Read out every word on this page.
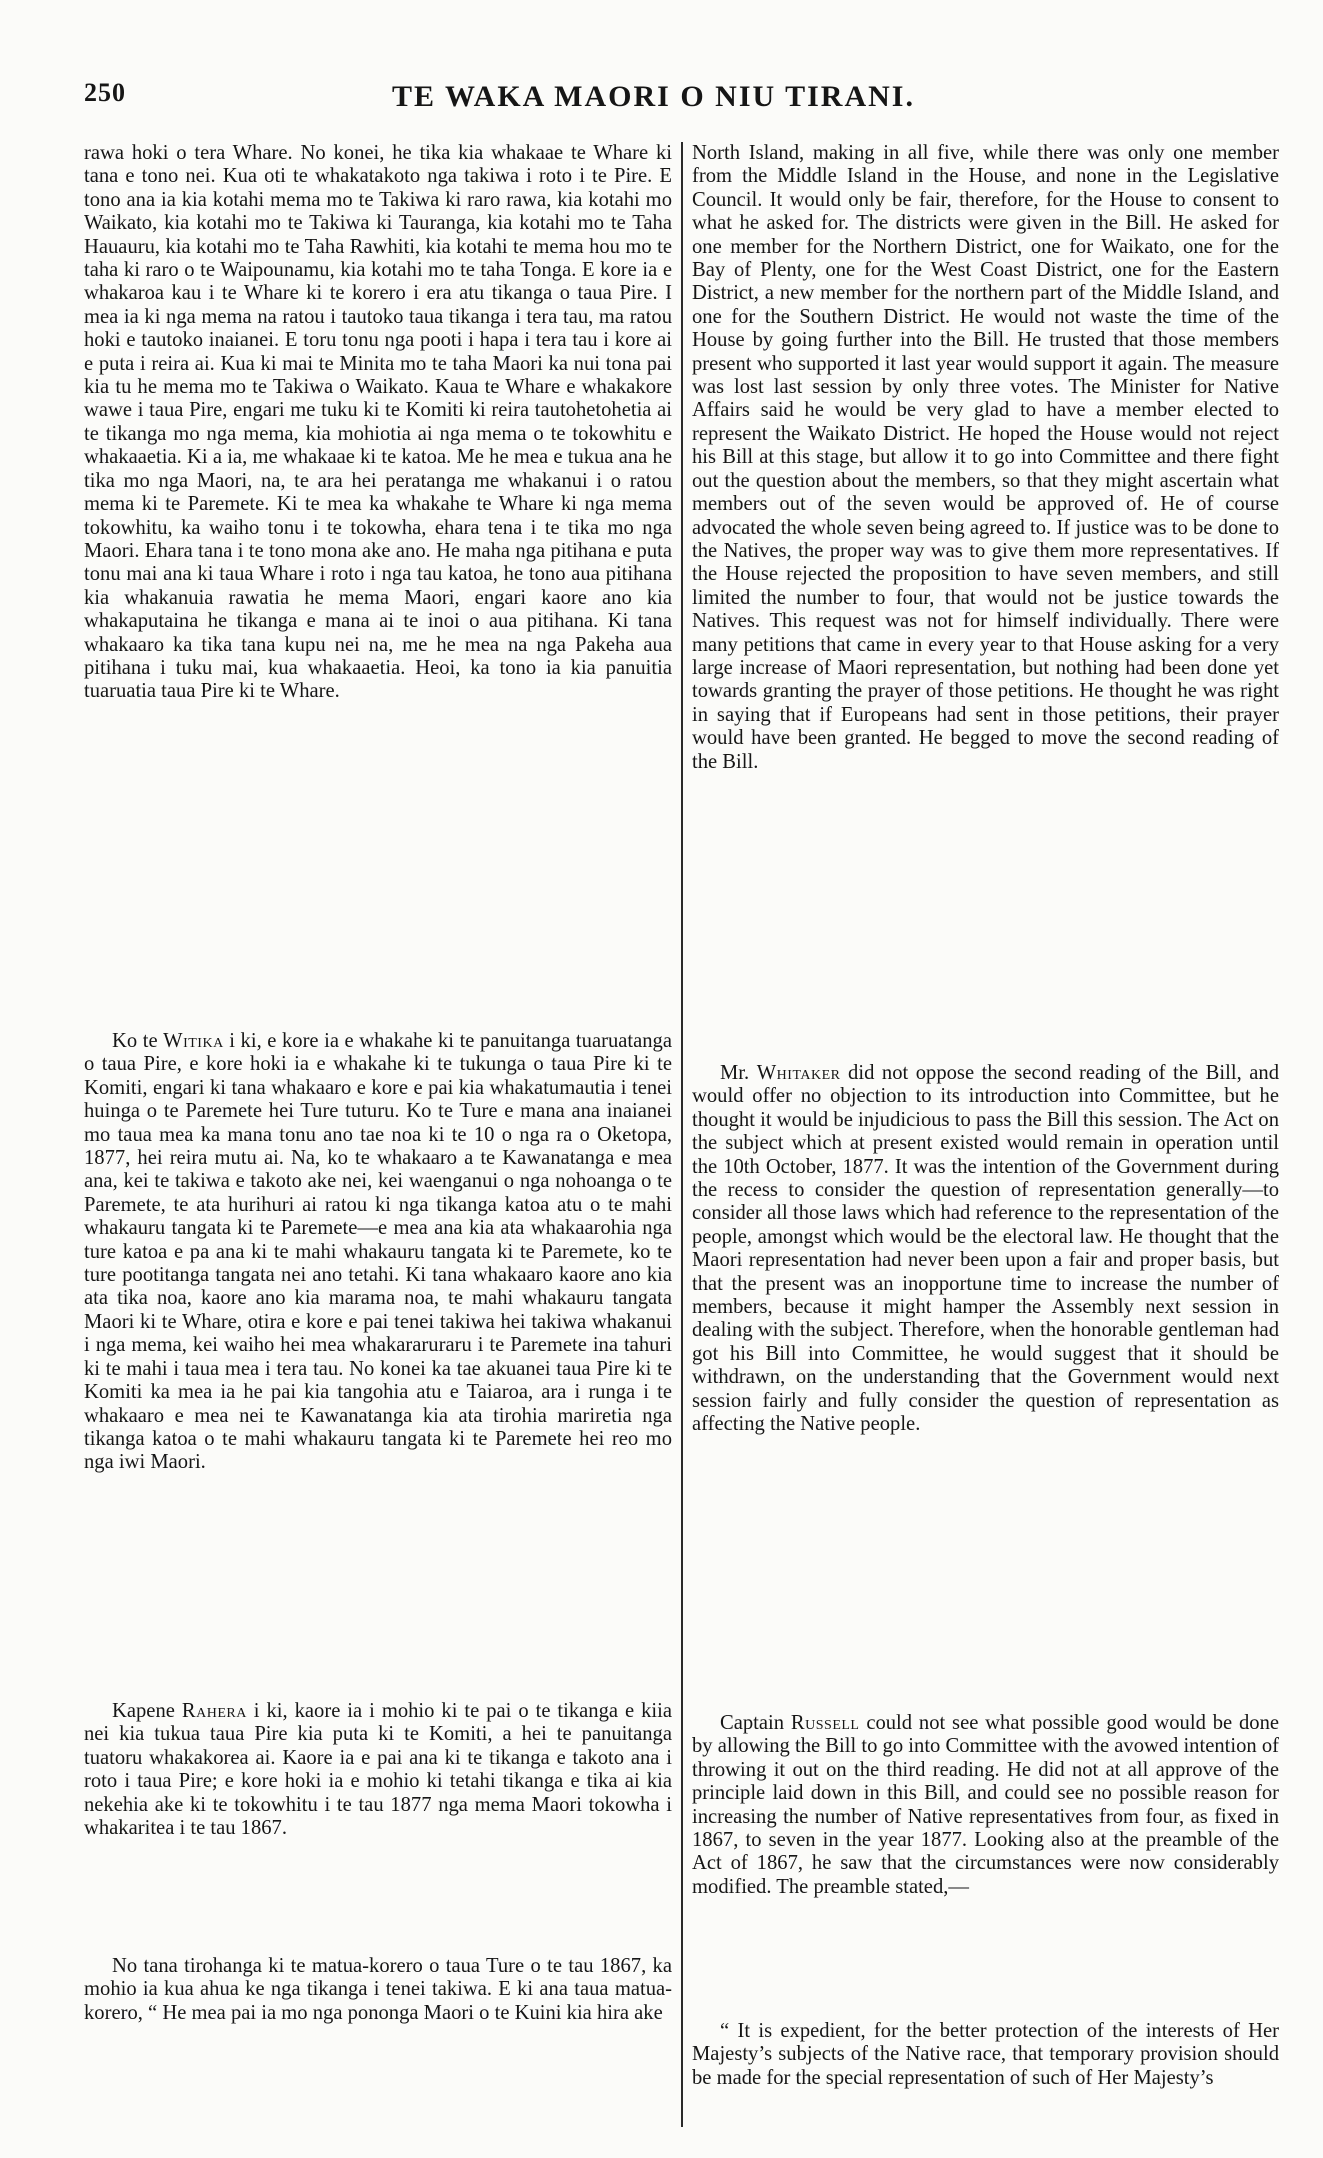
250	TE WAKA MAORI O NIU TIRANI.

rawa hoki o tera Whare. No konei, he tika kia whakaae te Whare ki tana e tono nei. Kua oti te whakatakoto nga takiwa i roto i te Pire. E tono ana ia kia kotahi mema mo te Takiwa ki raro rawa, kia kotahi mo Waikato, kia kotahi mo te Takiwa ki Tauranga, kia kotahi mo te Taha Hauauru, kia kotahi mo te Taha Rawhiti, kia kotahi te mema hou mo te taha ki raro o te Waipounamu, kia kotahi mo te taha Tonga. E kore ia e whakaroa kau i te Whare ki te korero i era atu tikanga o taua Pire. I mea ia ki nga mema na ratou i tautoko taua tikanga i tera tau, ma ratou hoki e tautoko inaianei. E toru tonu nga pooti i hapa i tera tau i kore ai e puta i reira ai. Kua ki mai te Minita mo te taha Maori ka nui tona pai kia tu he mema mo te Takiwa o Waikato. Kaua te Whare e whakakore wawe i taua Pire, engari me tuku ki te Komiti ki reira tautohetohetia ai te tikanga mo nga mema, kia mohiotia ai nga mema o te tokowhitu e whakaaetia. Ki a ia, me whakaae ki te katoa. Me he mea e tukua ana he tika mo nga Maori, na, te ara hei peratanga me whakanui i o ratou mema ki te Paremete. Ki te mea ka whakahe te Whare ki nga mema tokowhitu, ka waiho tonu i te tokowha, ehara tena i te tika mo nga Maori. Ehara tana i te tono mona ake ano. He maha nga pitihana e puta tonu mai ana ki taua Whare i roto i nga tau katoa, he tono aua pitihana kia whakanuia rawatia he mema Maori, engari kaore ano kia whakaputaina he tikanga e mana ai te inoi o aua pitihana. Ki tana whakaaro ka tika tana kupu nei na, me he mea na nga Pakeha aua pitihana i tuku mai, kua whakaaetia. Heoi, ka tono ia kia panuitia tuaruatia taua Pire ki te Whare.

Ko te Witika i ki, e kore ia e whakahe ki te panuitanga tuaruatanga o taua Pire, e kore hoki ia e whakahe ki te tukunga o taua Pire ki te Komiti, engari ki tana whakaaro e kore e pai kia whakatumautia i tenei huinga o te Paremete hei Ture tuturu. Ko te Ture e mana ana inaianei mo taua mea ka mana tonu ano tae noa ki te 10 o nga ra o Oketopa, 1877, hei reira mutu ai. Na, ko te whakaaro a te Kawanatanga e mea ana, kei te takiwa e takoto ake nei, kei waenganui o nga nohoanga o te Paremete, te ata hurihuri ai ratou ki nga tikanga katoa atu o te mahi whakauru tangata ki te Paremete—e mea ana kia ata whakaarohia nga ture katoa e pa ana ki te mahi whakauru tangata ki te Paremete, ko te ture pootitanga tangata nei ano tetahi. Ki tana whakaaro kaore ano kia ata tika noa, kaore ano kia marama noa, te mahi whakauru tangata Maori ki te Whare, otira e kore e pai tenei takiwa hei takiwa whakanui i nga mema, kei waiho hei mea whakararuraru i te Paremete ina tahuri ki te mahi i taua mea i tera tau. No konei ka tae akuanei taua Pire ki te Komiti ka mea ia he pai kia tangohia atu e Taiaroa, ara i runga i te whakaaro e mea nei te Kawanatanga kia ata tirohia mariretia nga tikanga katoa o te mahi whakauru tangata ki te Paremete hei reo mo nga iwi Maori.

Kapene Rahera i ki, kaore ia i mohio ki te pai o te tikanga e kiia nei kia tukua taua Pire kia puta ki te Komiti, a hei te panuitanga tuatoru whakakorea ai. Kaore ia e pai ana ki te tikanga e takoto ana i roto i taua Pire; e kore hoki ia e mohio ki tetahi tikanga e tika ai kia nekehia ake ki te tokowhitu i te tau 1877 nga mema Maori tokowha i whakaritea i te tau 1867.

No tana tirohanga ki te matua-korero o taua Ture o te tau 1867, ka mohio ia kua ahua ke nga tikanga i tenei takiwa. E ki ana taua matua-korero, “ He mea pai ia mo nga pononga Maori o te Kuini kia hira ake

North Island, making in all five, while there was only one member from the Middle Island in the House, and none in the Legislative Council. It would only be fair, therefore, for the House to consent to what he asked for. The districts were given in the Bill. He asked for one member for the Northern District, one for Waikato, one for the Bay of Plenty, one for the West Coast District, one for the Eastern District, a new member for the northern part of the Middle Island, and one for the Southern District. He would not waste the time of the House by going further into the Bill. He trusted that those members present who supported it last year would support it again. The measure was lost last session by only three votes. The Minister for Native Affairs said he would be very glad to have a member elected to represent the Waikato District. He hoped the House would not reject his Bill at this stage, but allow it to go into Committee and there fight out the question about the members, so that they might ascertain what members out of the seven would be approved of. He of course advocated the whole seven being agreed to. If justice was to be done to the Natives, the proper way was to give them more representatives. If the House rejected the proposition to have seven members, and still limited the number to four, that would not be justice towards the Natives. This request was not for himself individually. There were many petitions that came in every year to that House asking for a very large increase of Maori representation, but nothing had been done yet towards granting the prayer of those petitions. He thought he was right in saying that if Europeans had sent in those petitions, their prayer would have been granted. He begged to move the second reading of the Bill.

Mr. Whitaker did not oppose the second reading of the Bill, and would offer no objection to its introduction into Committee, but he thought it would be injudicious to pass the Bill this session. The Act on the subject which at present existed would remain in operation until the 10th October, 1877. It was the intention of the Government during the recess to consider the question of representation generally—to consider all those laws which had reference to the representation of the people, amongst which would be the electoral law. He thought that the Maori representation had never been upon a fair and proper basis, but that the present was an inopportune time to increase the number of members, because it might hamper the Assembly next session in dealing with the subject. Therefore, when the honorable gentleman had got his Bill into Committee, he would suggest that it should be withdrawn, on the understanding that the Government would next session fairly and fully consider the question of representation as affecting the Native people.

Captain Russell could not see what possible good would be done by allowing the Bill to go into Committee with the avowed intention of throwing it out on the third reading. He did not at all approve of the principle laid down in this Bill, and could see no possible reason for increasing the number of Native representatives from four, as fixed in 1867, to seven in the year 1877. Looking also at the preamble of the Act of 1867, he saw that the circumstances were now considerably modified. The preamble stated,—

“ It is expedient, for the better protection of the interests of Her Majesty’s subjects of the Native race, that temporary provision should be made for the special representation of such of Her Majesty’s
